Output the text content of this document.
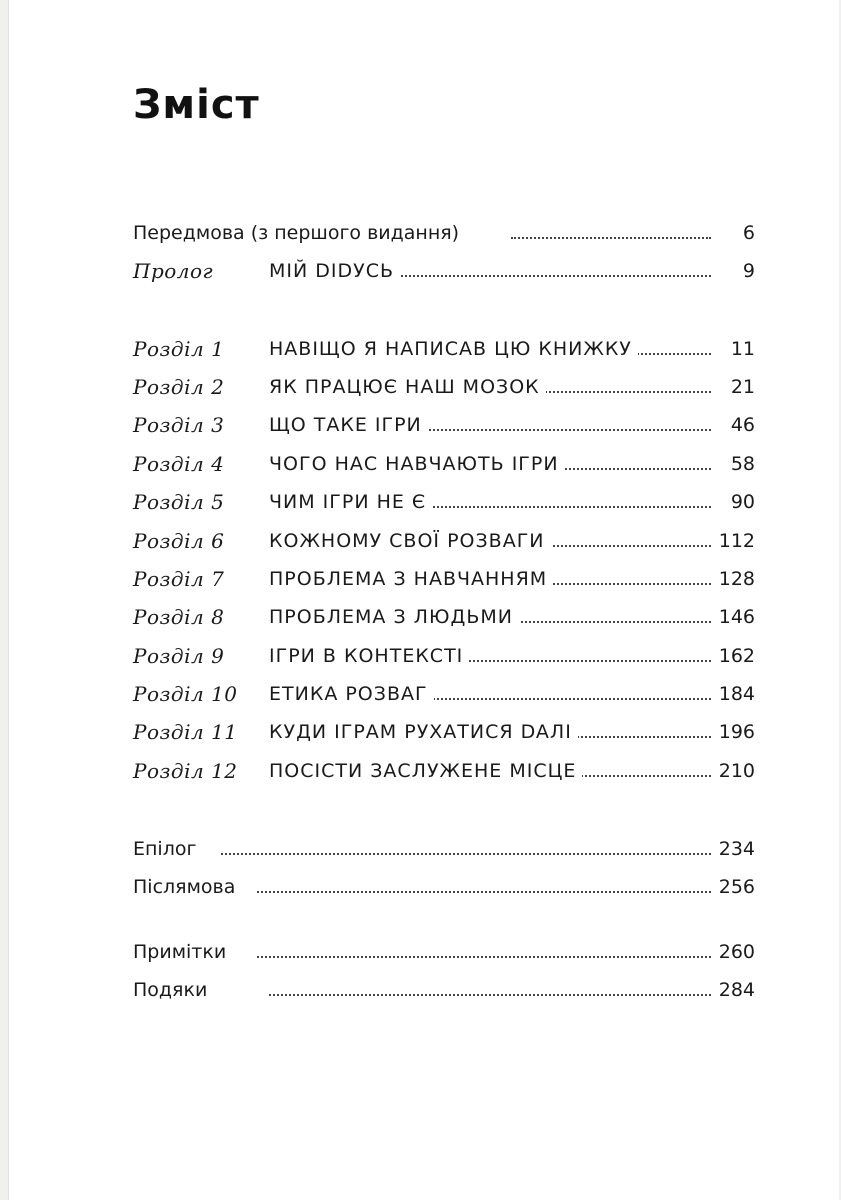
Зміст
Передмова (з першого видання)	6
Пролог	МІЙ DIDУСЬ	9
Розділ 1 НАВІЩО Я НАПИСАВ ЦЮ КНИЖКУ	11
Розділ 2 ЯК ПРАЦЮЄ НАШ МОЗОК	21
Розділ 3 ЩО ТАКЕ ІГРИ	46
Розділ 4 ЧОГО НАС НАВЧАЮТЬ ІГРИ	58
Розділ 5 ЧИМ ІГРИ НЕ Є	90
Розділ 6 КОЖНОМУ СВОЇ РОЗВАГИ	112
Розділ 7 ПРОБЛЕМА З НАВЧАННЯМ	128
Розділ 8 ПРОБЛЕМА З ЛЮДЬМИ	146
Розділ 9 ІГРИ В КОНТЕКСТІ	162
Розділ 10 ЕТИКА РОЗВАГ	184
Розділ 11 КУДИ ІГРАМ РУХАТИСЯ DAЛІ	196
Розділ 12 ПОСІСТИ ЗАСЛУЖЕНЕ МІСЦЕ	210
Епілог	234
Післямова	256
Примітки	260
Подяки	284
